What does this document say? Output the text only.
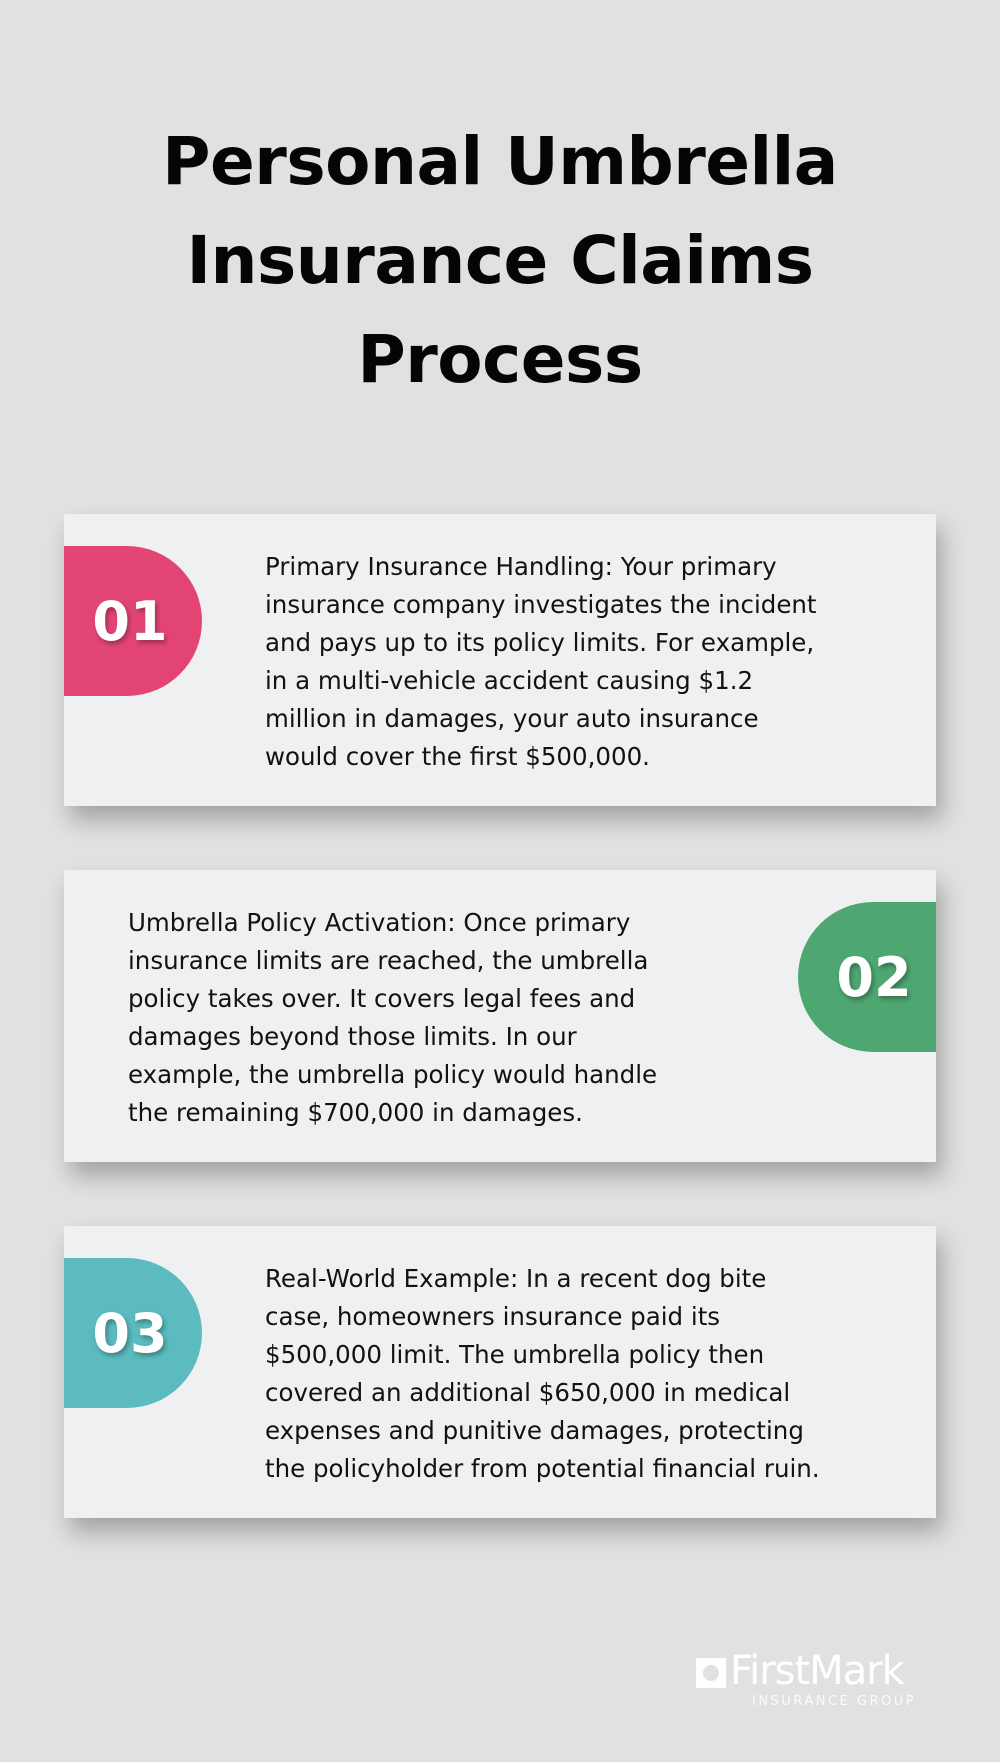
Personal Umbrella
Insurance Claims
Process
01
Primary Insurance Handling: Your primary
insurance company investigates the incident
and pays up to its policy limits. For example,
in a multi-vehicle accident causing $1.2
million in damages, your auto insurance
would cover the first $500,000.
Umbrella Policy Activation: Once primary
insurance limits are reached, the umbrella
policy takes over. It covers legal fees and
damages beyond those limits. In our
example, the umbrella policy would handle
the remaining $700,000 in damages.
02
03
Real-World Example: In a recent dog bite
case, homeowners insurance paid its
$500,000 limit. The umbrella policy then
covered an additional $650,000 in medical
expenses and punitive damages, protecting
the policyholder from potential financial ruin.
FirstMark
INSURANCE GROUP
